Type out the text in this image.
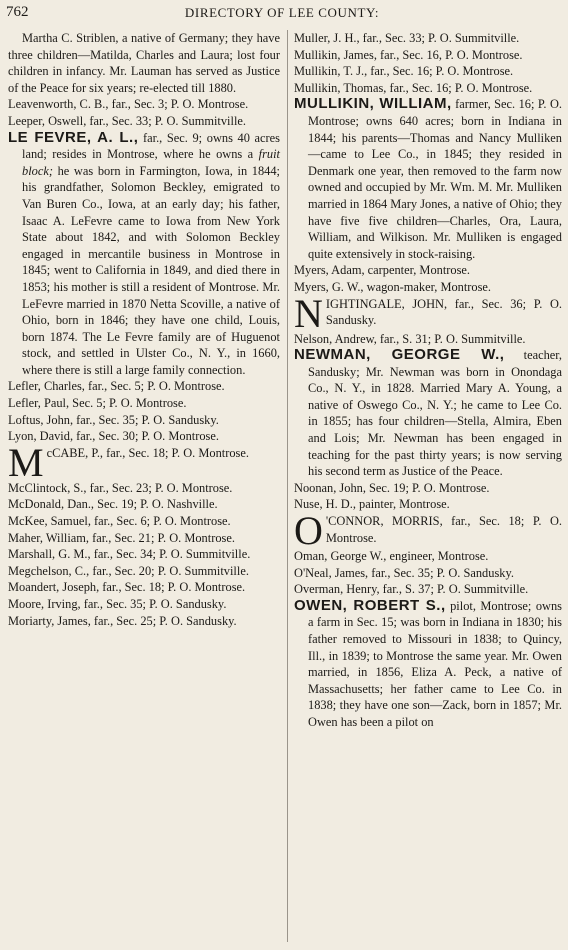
762	DIRECTORY OF LEE COUNTY:

Martha C. Striblen, a native of Germany; they have three children—Matilda, Charles and Laura; lost four children in infancy. Mr. Lauman has served as Justice of the Peace for six years; re-elected till 1880.

Leavenworth, C. B., far., Sec. 3; P. O. Montrose.

Leeper, Oswell, far., Sec. 33; P. O. Summitville.

LE FEVRE, A. L., far., Sec. 9; owns 40 acres land; resides in Montrose, where he owns a fruit block; he was born in Farmington, Iowa, in 1844; his grandfather, Solomon Beckley, emigrated to Van Buren Co., Iowa, at an early day; his father, Isaac A. LeFevre came to Iowa from New York State about 1842, and with Solomon Beckley engaged in mercantile business in Montrose in 1845; went to California in 1849, and died there in 1853; his mother is still a resident of Montrose. Mr. LeFevre married in 1870 Netta Scoville, a native of Ohio, born in 1846; they have one child, Louis, born 1874. The Le Fevre family are of Huguenot stock, and settled in Ulster Co., N. Y., in 1660, where there is still a large family connection.

Lefler, Charles, far., Sec. 5; P. O. Montrose.

Lefler, Paul, Sec. 5; P. O. Montrose.

Loftus, John, far., Sec. 35; P. O. Sandusky.

Lyon, David, far., Sec. 30; P. O. Montrose.

McCABE, P., far., Sec. 18; P. O. Montrose.

McClintock, S., far., Sec. 23; P. O. Montrose.

McDonald, Dan., Sec. 19; P. O. Nashville.

McKee, Samuel, far., Sec. 6; P. O. Montrose.

Maher, William, far., Sec. 21; P. O. Montrose.

Marshall, G. M., far., Sec. 34; P. O. Summitville.

Megchelson, C., far., Sec. 20; P. O. Summitville.

Moandert, Joseph, far., Sec. 18; P. O. Montrose.

Moore, Irving, far., Sec. 35; P. O. Sandusky.

Moriarty, James, far., Sec. 25; P. O. Sandusky.

Muller, J. H., far., Sec. 33; P. O. Summitville.

Mullikin, James, far., Sec. 16, P. O. Montrose.

Mullikin, T. J., far., Sec. 16; P. O. Montrose.

Mullikin, Thomas, far., Sec. 16; P. O. Montrose.

MULLIKIN, WILLIAM, farmer, Sec. 16; P. O. Montrose; owns 640 acres; born in Indiana in 1844; his parents—Thomas and Nancy Mulliken—came to Lee Co., in 1845; they resided in Denmark one year, then removed to the farm now owned and occupied by Mr. Wm. M. Mr. Mulliken married in 1864 Mary Jones, a native of Ohio; they have five five children—Charles, Ora, Laura, William, and Wilkison. Mr. Mulliken is engaged quite extensively in stock-raising.

Myers, Adam, carpenter, Montrose.

Myers, G. W., wagon-maker, Montrose.

NIGHTINGALE, JOHN, far., Sec. 36; P. O. Sandusky.

Nelson, Andrew, far., S. 31; P. O. Summitville.

NEWMAN, GEORGE W., teacher, Sandusky; Mr. Newman was born in Onondaga Co., N. Y., in 1828. Married Mary A. Young, a native of Oswego Co., N. Y.; he came to Lee Co. in 1855; has four children—Stella, Almira, Eben and Lois; Mr. Newman has been engaged in teaching for the past thirty years; is now serving his second term as Justice of the Peace.

Noonan, John, Sec. 19; P. O. Montrose.

Nuse, H. D., painter, Montrose.

O 'CONNOR, MORRIS, far., Sec. 18; P. O. Montrose.

Oman, George W., engineer, Montrose.

O'Neal, James, far., Sec. 35; P. O. Sandusky.

Overman, Henry, far., S. 37; P. O. Summitville.

OWEN, ROBERT S., pilot, Montrose; owns a farm in Sec. 15; was born in Indiana in 1830; his father removed to Missouri in 1838; to Quincy, Ill., in 1839; to Montrose the same year. Mr. Owen married, in 1856, Eliza A. Peck, a native of Massachusetts; her father came to Lee Co. in 1838; they have one son—Zack, born in 1857; Mr. Owen has been a pilot on
